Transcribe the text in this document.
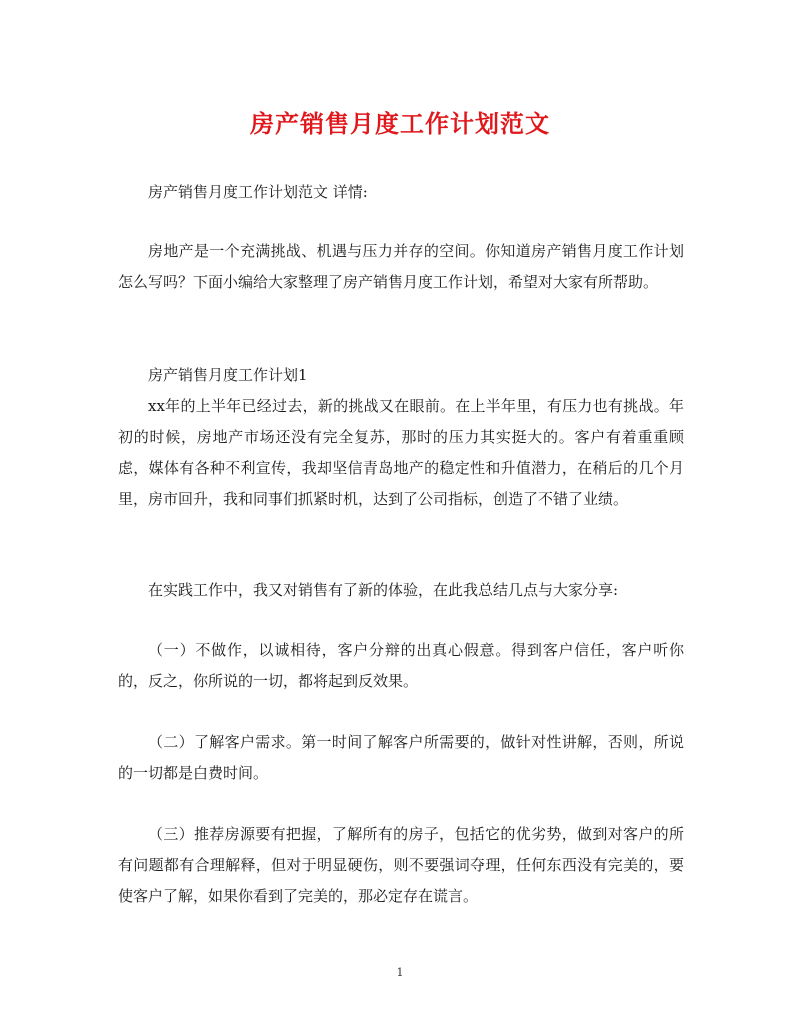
房产销售月度工作计划范文

房产销售月度工作计划范文 详情:

房地产是一个充满挑战、机遇与压力并存的空间。你知道房产销售月度工作计划怎么写吗？下面小编给大家整理了房产销售月度工作计划，希望对大家有所帮助。

房产销售月度工作计划1

xx年的上半年已经过去，新的挑战又在眼前。在上半年里，有压力也有挑战。年初的时候，房地产市场还没有完全复苏，那时的压力其实挺大的。客户有着重重顾虑，媒体有各种不利宣传，我却坚信青岛地产的稳定性和升值潜力，在稍后的几个月里，房市回升，我和同事们抓紧时机，达到了公司指标，创造了不错了业绩。

在实践工作中，我又对销售有了新的体验，在此我总结几点与大家分享:

（一）不做作，以诚相待，客户分辩的出真心假意。得到客户信任，客户听你的，反之，你所说的一切，都将起到反效果。

（二）了解客户需求。第一时间了解客户所需要的，做针对性讲解，否则，所说的一切都是白费时间。

（三）推荐房源要有把握，了解所有的房子，包括它的优劣势，做到对客户的所有问题都有合理解释，但对于明显硬伤，则不要强词夺理，任何东西没有完美的，要使客户了解，如果你看到了完美的，那必定存在谎言。

1
